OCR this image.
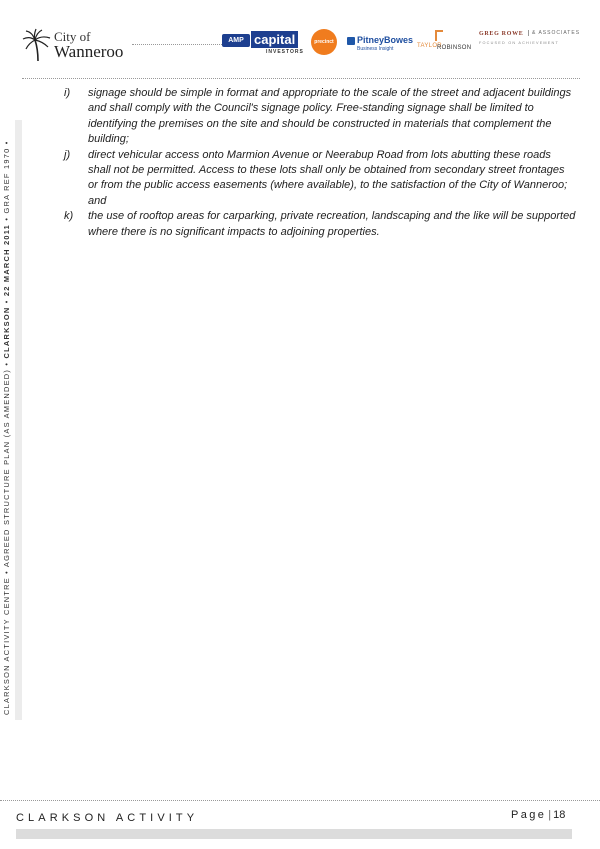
City of
Wanneroo
AMP capital
INVESTORS
precinct	PitneyBowes
Business Insight	TAYLOR
ROBINSON
GREG ROWE	& ASSOCIATES
FOCUSED ON ACHIEVEMENT
CLARKSON ACTIVITY CENTRE • AGREED STRUCTURE PLAN (AS AMENDED) • CLARKSON • 22 MARCH 2011 • GRA REF 1970 •
i) signage should be simple in format and appropriate to the scale of the street and adjacent buildings and shall comply with the Council's signage policy. Free-standing signage shall be limited to identifying the premises on the site and should be constructed in materials that complement the building;
j) direct vehicular access onto Marmion Avenue or Neerabup Road from lots abutting these roads shall not be permitted. Access to these lots shall only be obtained from secondary street frontages or from the public access easements (where available), to the satisfaction of the City of Wanneroo; and
k) the use of rooftop areas for carparking, private recreation, landscaping and the like will be supported where there is no significant impacts to adjoining properties.
CLARKSON ACTIVITY	Page | 18
